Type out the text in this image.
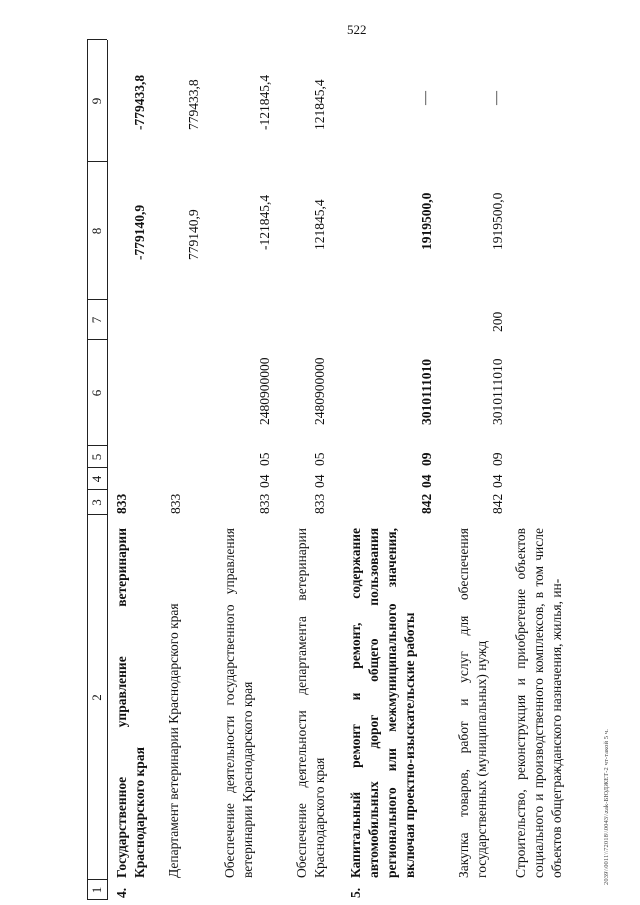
522
2039\\0011\\72018\\0043\\zak-БЮДЖЕТ-2 чт-такой 5 ч.
1
2
3
4
5
6
7
8
9
4.
Государственное управление ветеринарии Краснодарского края
833
-779140,9
-779433,8
Департамент ветеринарии Краснодарского края
833
779140,9
779433,8
Обеспечение деятельности государственного управления ветеринарии Краснодарского края
833
04
05
2480900000
-121845,4
-121845,4
Обеспечение деятельности департамента ветеринарии Краснодарского края
833
04
05
2480900000
121845,4
121845,4
5.
Капитальный ремонт и ремонт, содержание автомобильных дорог общего пользования регионального или межмуниципального значения, включая проектно-изыскательские работы
842
04
09
3010111010
1919500,0
—
Закупка товаров, работ и услуг для обеспечения государственных (муниципальных) нужд
842
04
09
3010111010
200
1919500,0
—
Строительство, реконструкция и приобретение объектов социального и производственного комплексов, в том числе объектов общегражданского назначения, жилья, ин-
